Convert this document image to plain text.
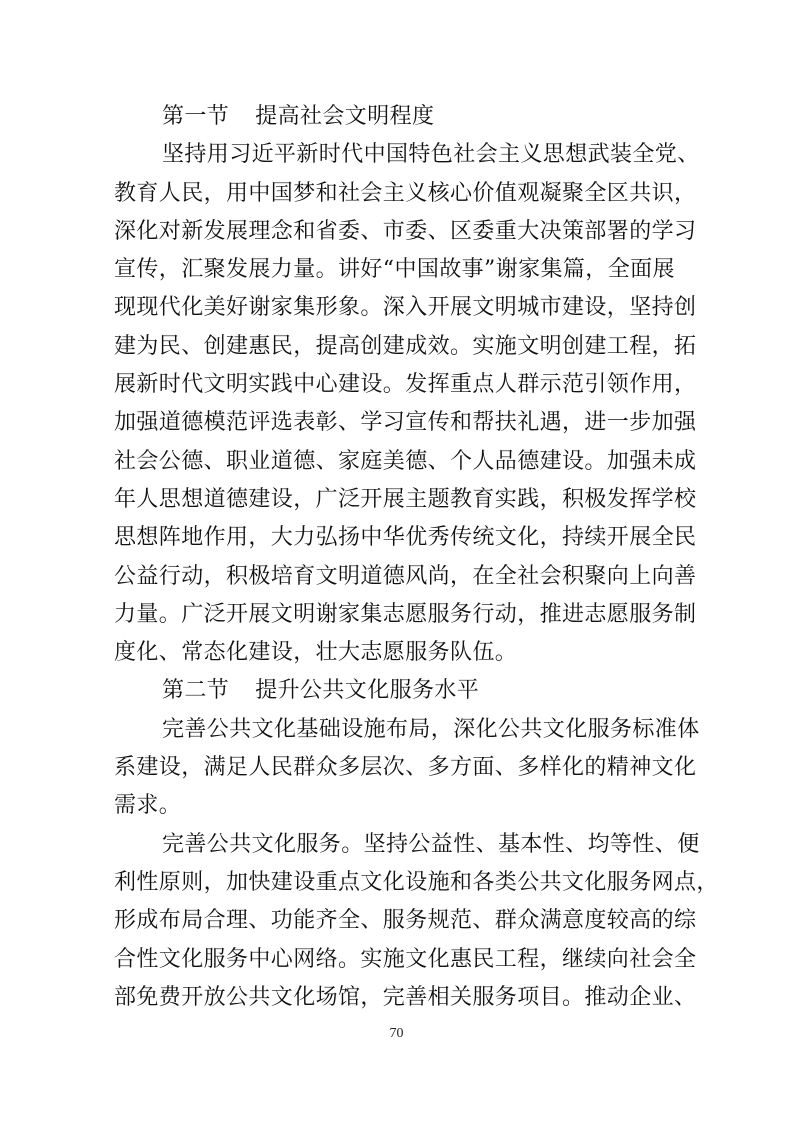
第一节 提高社会文明程度
坚持用习近平新时代中国特色社会主义思想武装全党、
教育人民，用中国梦和社会主义核心价值观凝聚全区共识，
深化对新发展理念和省委、市委、区委重大决策部署的学习
宣传，汇聚发展力量。讲好“中国故事”谢家集篇，全面展
现现代化美好谢家集形象。深入开展文明城市建设，坚持创
建为民、创建惠民，提高创建成效。实施文明创建工程，拓
展新时代文明实践中心建设。发挥重点人群示范引领作用，
加强道德模范评选表彰、学习宣传和帮扶礼遇，进一步加强
社会公德、职业道德、家庭美德、个人品德建设。加强未成
年人思想道德建设，广泛开展主题教育实践，积极发挥学校
思想阵地作用，大力弘扬中华优秀传统文化，持续开展全民
公益行动，积极培育文明道德风尚，在全社会积聚向上向善
力量。广泛开展文明谢家集志愿服务行动，推进志愿服务制
度化、常态化建设，壮大志愿服务队伍。
第二节 提升公共文化服务水平
完善公共文化基础设施布局，深化公共文化服务标准体
系建设，满足人民群众多层次、多方面、多样化的精神文化
需求。
完善公共文化服务。坚持公益性、基本性、均等性、便
利性原则，加快建设重点文化设施和各类公共文化服务网点，
形成布局合理、功能齐全、服务规范、群众满意度较高的综
合性文化服务中心网络。实施文化惠民工程，继续向社会全
部免费开放公共文化场馆，完善相关服务项目。推动企业、
70
